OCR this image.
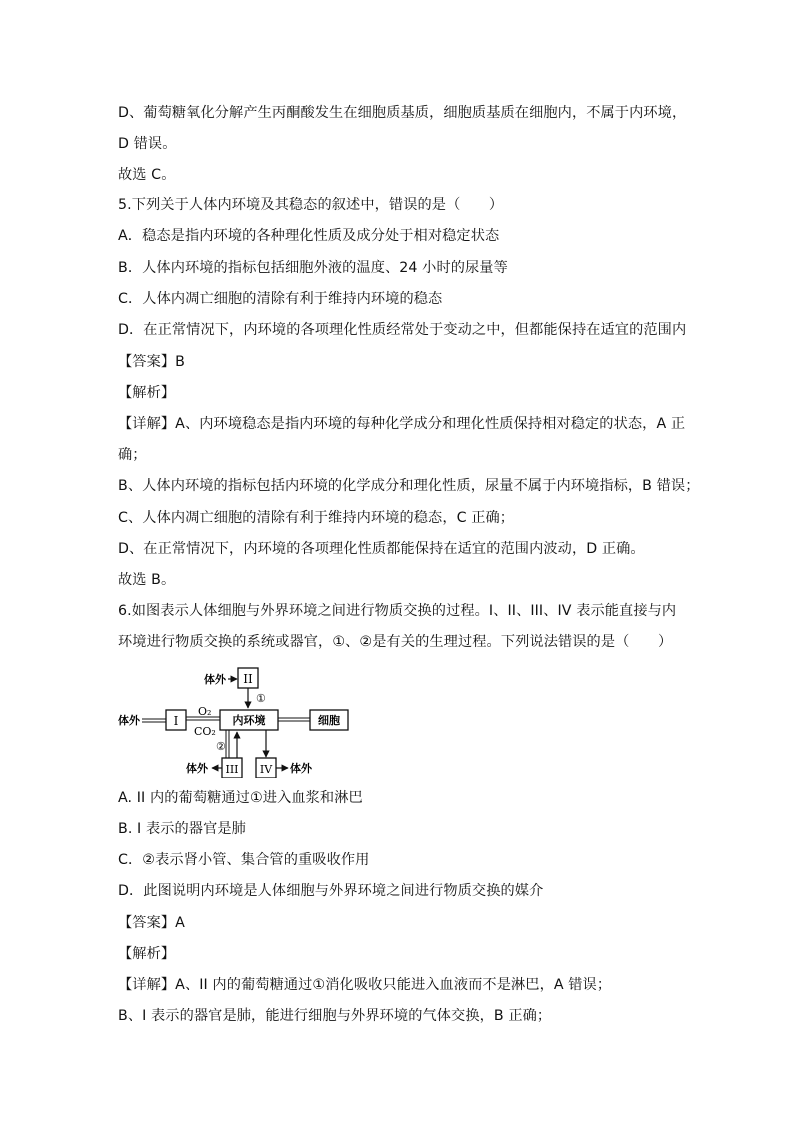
D、葡萄糖氧化分解产生丙酮酸发生在细胞质基质，细胞质基质在细胞内，不属于内环境，
D 错误。
故选 C。
5.下列关于人体内环境及其稳态的叙述中，错误的是（　　）
A．稳态是指内环境的各种理化性质及成分处于相对稳定状态
B．人体内环境的指标包括细胞外液的温度、24 小时的尿量等
C．人体内凋亡细胞的清除有利于维持内环境的稳态
D．在正常情况下，内环境的各项理化性质经常处于变动之中，但都能保持在适宜的范围内
【答案】B
【解析】
【详解】A、内环境稳态是指内环境的每种化学成分和理化性质保持相对稳定的状态，A 正
确；
B、人体内环境的指标包括内环境的化学成分和理化性质，尿量不属于内环境指标，B 错误；
C、人体内凋亡细胞的清除有利于维持内环境的稳态，C 正确；
D、在正常情况下，内环境的各项理化性质都能保持在适宜的范围内波动，D 正确。
故选 B。
6.如图表示人体细胞与外界环境之间进行物质交换的过程。I、II、III、IV 表示能直接与内
环境进行物质交换的系统或器官，①、②是有关的生理过程。下列说法错误的是（　　）
体外 II
①
体外	I
O₂
CO₂
内环境	细胞
②
III
体外	IV 体外
A. II 内的葡萄糖通过①进入血浆和淋巴
B. I 表示的器官是肺
C．②表示肾小管、集合管的重吸收作用
D．此图说明内环境是人体细胞与外界环境之间进行物质交换的媒介
【答案】A
【解析】
【详解】A、II 内的葡萄糖通过①消化吸收只能进入血液而不是淋巴，A 错误；
B、I 表示的器官是肺，能进行细胞与外界环境的气体交换，B 正确；
